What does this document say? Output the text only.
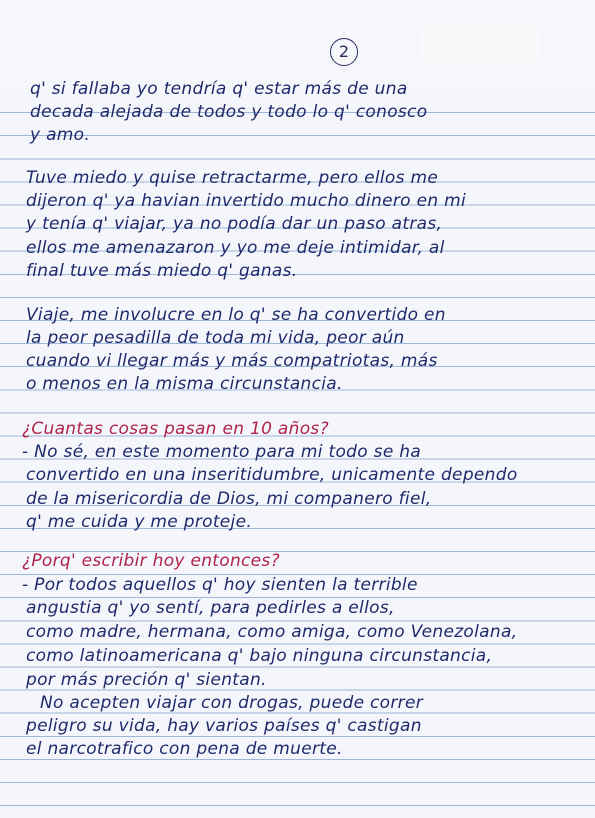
2
q' si fallaba yo tendría q' estar más de una
decada alejada de todos y todo lo q' conosco
y amo.
Tuve miedo y quise retractarme, pero ellos me
dijeron q' ya havian invertido mucho dinero en mi
y tenía q' viajar, ya no podía dar un paso atras,
ellos me amenazaron y yo me deje intimidar, al
final tuve más miedo q' ganas.
Viaje, me involucre en lo q' se ha convertido en
la peor pesadilla de toda mi vida, peor aún
cuando vi llegar más y más compatriotas, más
o menos en la misma circunstancia.
¿Cuantas cosas pasan en 10 años?
- No sé, en este momento para mi todo se ha
convertido en una inseritidumbre, unicamente dependo
de la misericordia de Dios, mi companero fiel,
q' me cuida y me proteje.
¿Porq' escribir hoy entonces?
- Por todos aquellos q' hoy sienten la terrible
angustia q' yo sentí, para pedirles a ellos,
como madre, hermana, como amiga, como Venezolana,
como latinoamericana q' bajo ninguna circunstancia,
por más preción q' sientan.
No acepten viajar con drogas, puede correr
peligro su vida, hay varios países q' castigan
el narcotrafico con pena de muerte.
